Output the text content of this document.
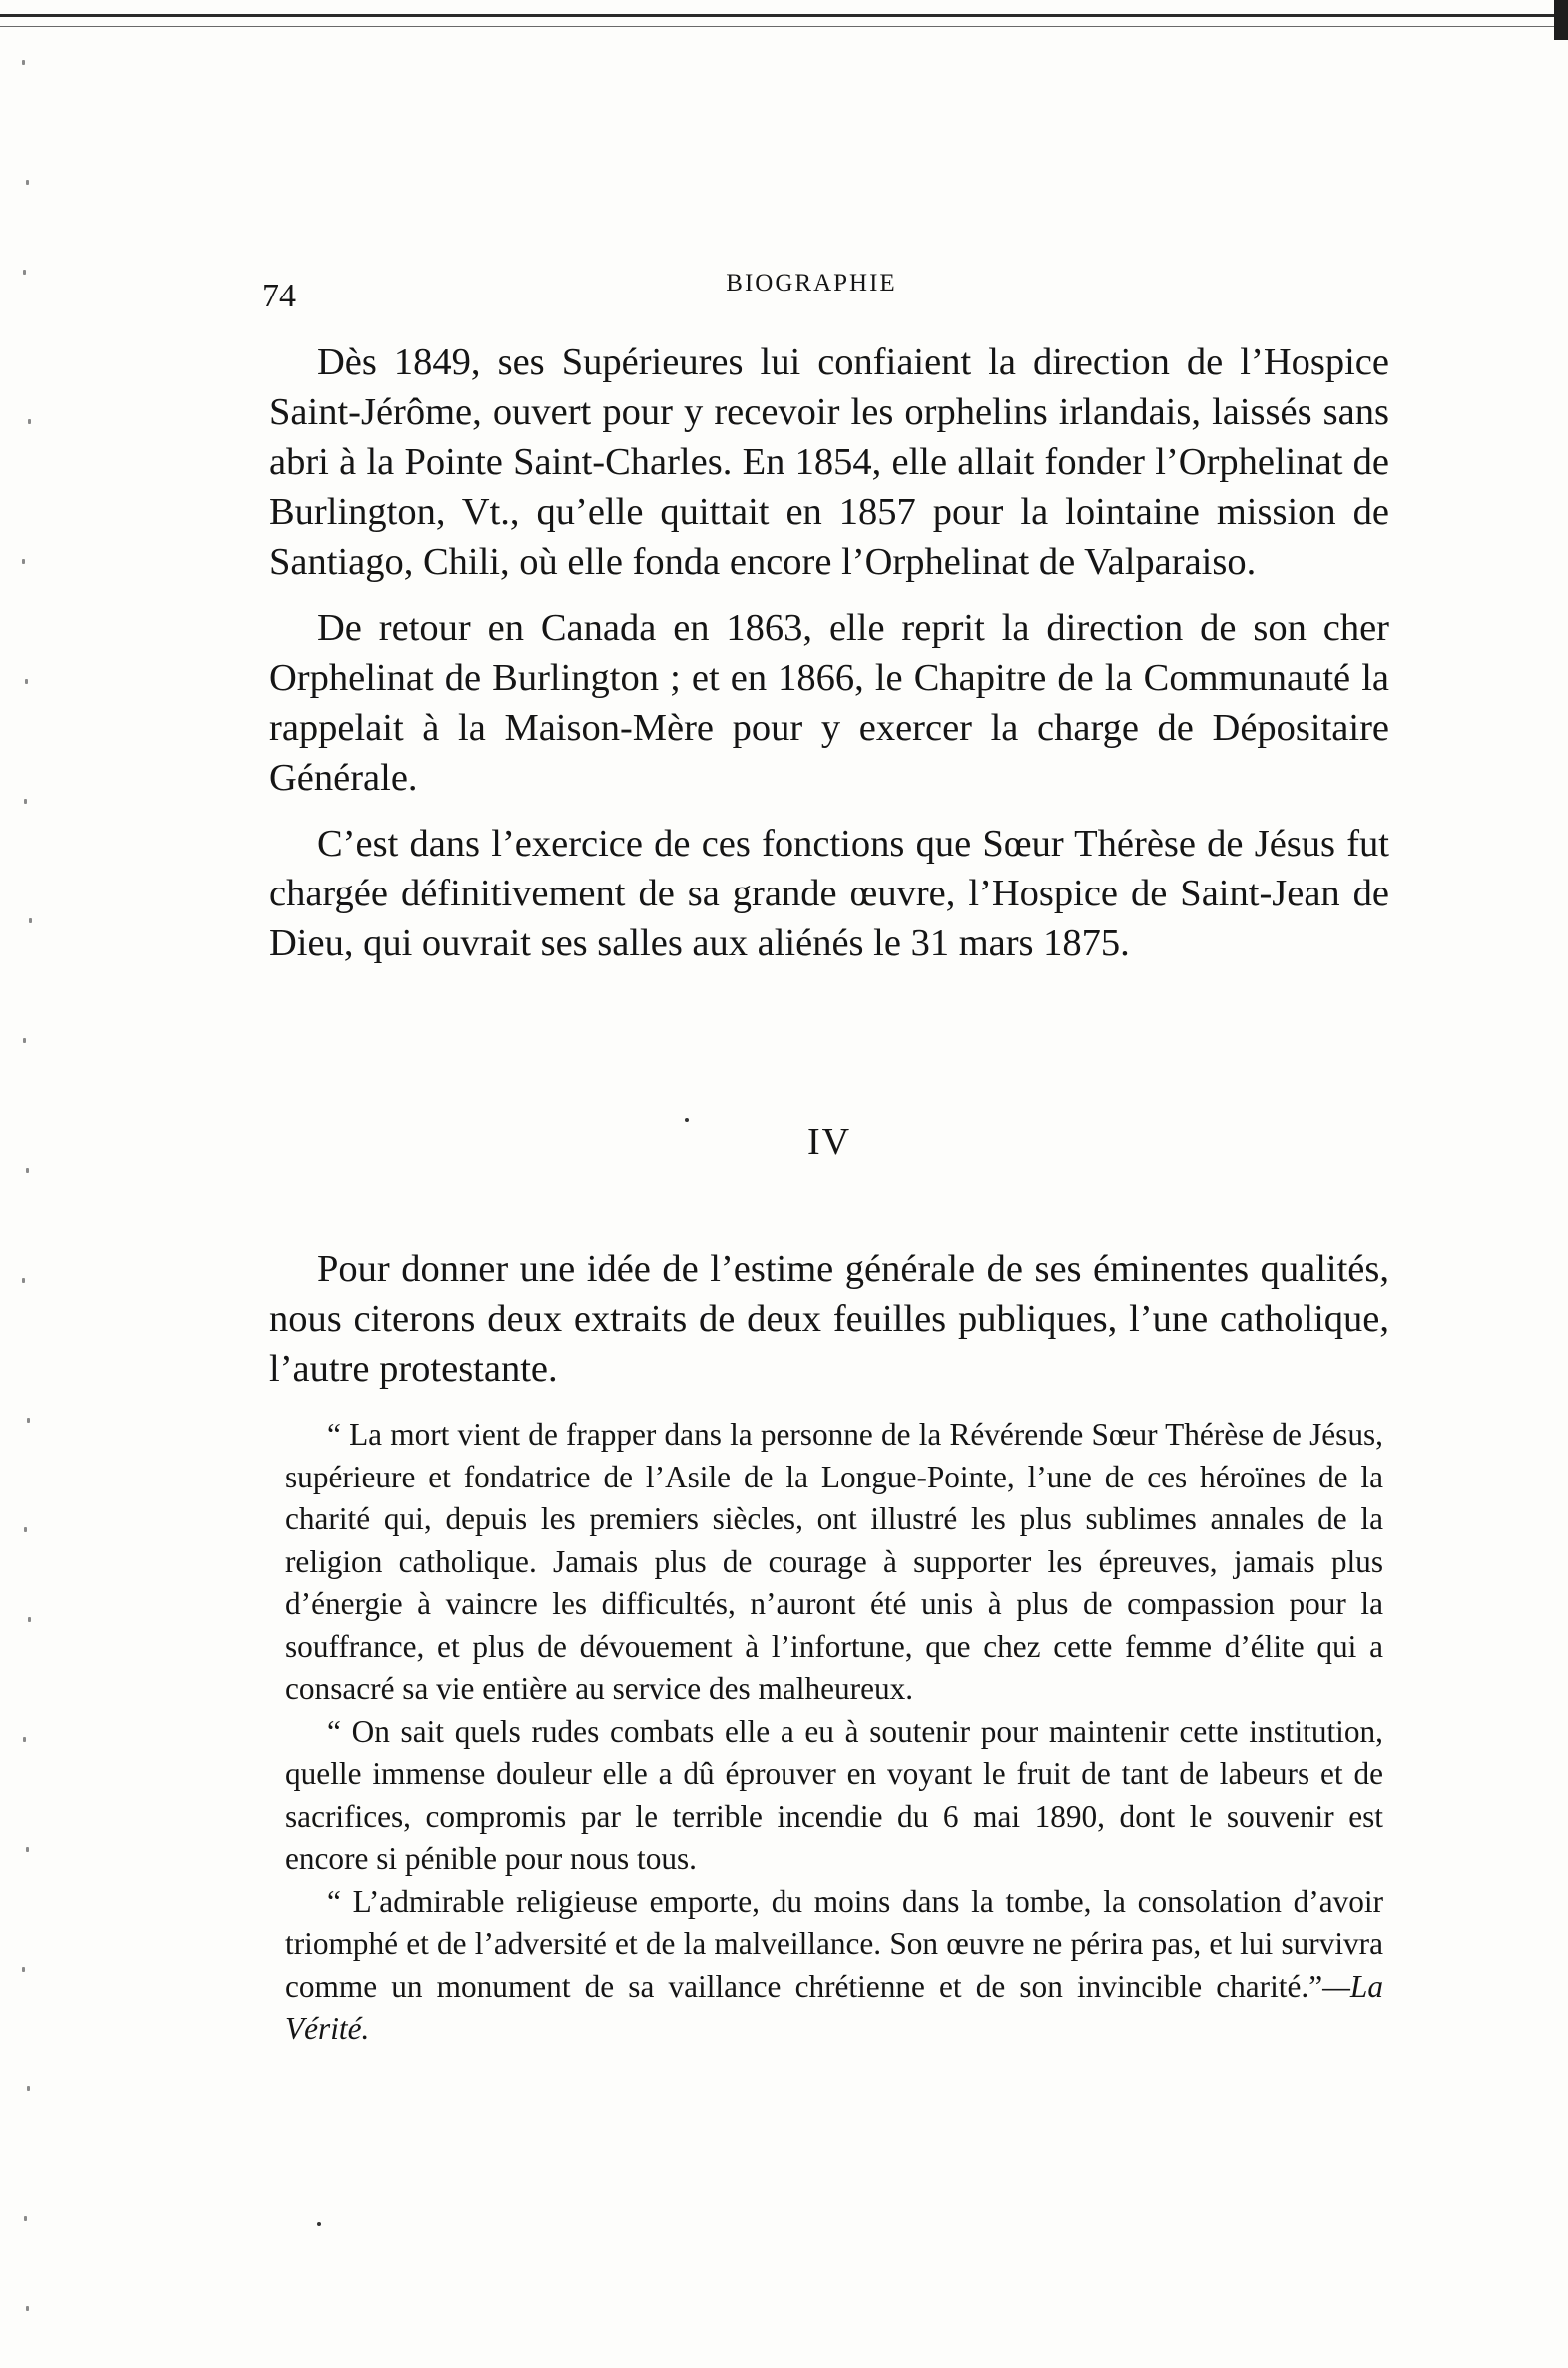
74	BIOGRAPHIE

Dès 1849, ses Supérieures lui confiaient la direction de l’Hospice Saint-Jérôme, ouvert pour y recevoir les orphelins irlandais, laissés sans abri à la Pointe Saint-Charles. En 1854, elle allait fonder l’Orphelinat de Burlington, Vt., qu’elle quittait en 1857 pour la lointaine mission de Santiago, Chili, où elle fonda encore l’Orphelinat de Valparaiso.

De retour en Canada en 1863, elle reprit la direction de son cher Orphelinat de Burlington ; et en 1866, le Chapitre de la Communauté la rappelait à la Maison-Mère pour y exercer la charge de Dépositaire Générale.

C’est dans l’exercice de ces fonctions que Sœur Thérèse de Jésus fut chargée définitivement de sa grande œuvre, l’Hospice de Saint-Jean de Dieu, qui ouvrait ses salles aux aliénés le 31 mars 1875.

IV

Pour donner une idée de l’estime générale de ses éminentes qualités, nous citerons deux extraits de deux feuilles publiques, l’une catholique, l’autre protestante.

“ La mort vient de frapper dans la personne de la Révérende Sœur Thérèse de Jésus, supérieure et fondatrice de l’Asile de la Longue-Pointe, l’une de ces héroïnes de la charité qui, depuis les premiers siècles, ont illustré les plus sublimes annales de la religion catholique. Jamais plus de courage à supporter les épreuves, jamais plus d’énergie à vaincre les difficultés, n’auront été unis à plus de compassion pour la souffrance, et plus de dévouement à l’infortune, que chez cette femme d’élite qui a consacré sa vie entière au service des malheureux.

“ On sait quels rudes combats elle a eu à soutenir pour maintenir cette institution, quelle immense douleur elle a dû éprouver en voyant le fruit de tant de labeurs et de sacrifices, compromis par le terrible incendie du 6 mai 1890, dont le souvenir est encore si pénible pour nous tous.

“ L’admirable religieuse emporte, du moins dans la tombe, la consolation d’avoir triomphé et de l’adversité et de la malveillance. Son œuvre ne périra pas, et lui survivra comme un monument de sa vaillance chrétienne et de son invincible charité.”—La Vérité.
